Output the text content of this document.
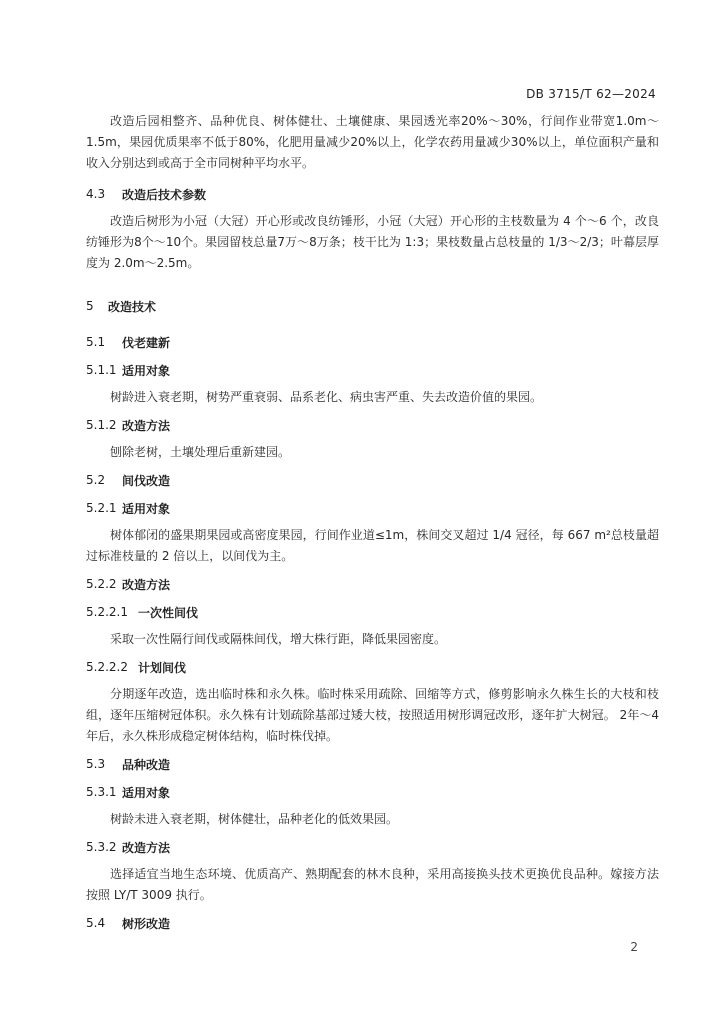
DB 3715/T 62—2024

改造后园相整齐、品种优良、树体健壮、土壤健康、果园透光率20%～30%，行间作业带宽1.0m～1.5m，果园优质果率不低于80%，化肥用量减少20%以上，化学农药用量减少30%以上，单位面积产量和收入分别达到或高于全市同树种平均水平。

4.3	改造后技术参数

改造后树形为小冠（大冠）开心形或改良纺锤形，小冠（大冠）开心形的主枝数量为 4 个～6 个，改良纺锤形为8个～10个。果园留枝总量7万～8万条；枝干比为 1:3；果枝数量占总枝量的 1/3～2/3；叶幕层厚度为 2.0m～2.5m。

5	改造技术
5.1	伐老建新
5.1.1 适用对象

树龄进入衰老期，树势严重衰弱、品系老化、病虫害严重、失去改造价值的果园。

5.1.2 改造方法

刨除老树，土壤处理后重新建园。

5.2	间伐改造
5.2.1 适用对象

树体郁闭的盛果期果园或高密度果园，行间作业道≤1m，株间交叉超过 1/4 冠径，每 667 m²总枝量超过标准枝量的 2 倍以上，以间伐为主。

5.2.2 改造方法
5.2.2.1 一次性间伐

采取一次性隔行间伐或隔株间伐，增大株行距，降低果园密度。

5.2.2.2 计划间伐

分期逐年改造，选出临时株和永久株。临时株采用疏除、回缩等方式，修剪影响永久株生长的大枝和枝组，逐年压缩树冠体积。永久株有计划疏除基部过矮大枝，按照适用树形调冠改形，逐年扩大树冠。 2年～4年后，永久株形成稳定树体结构，临时株伐掉。

5.3	品种改造
5.3.1 适用对象

树龄未进入衰老期，树体健壮，品种老化的低效果园。

5.3.2 改造方法

选择适宜当地生态环境、优质高产、熟期配套的林木良种，采用高接换头技术更换优良品种。嫁接方法按照 LY/T 3009 执行。

5.4	树形改造
2
